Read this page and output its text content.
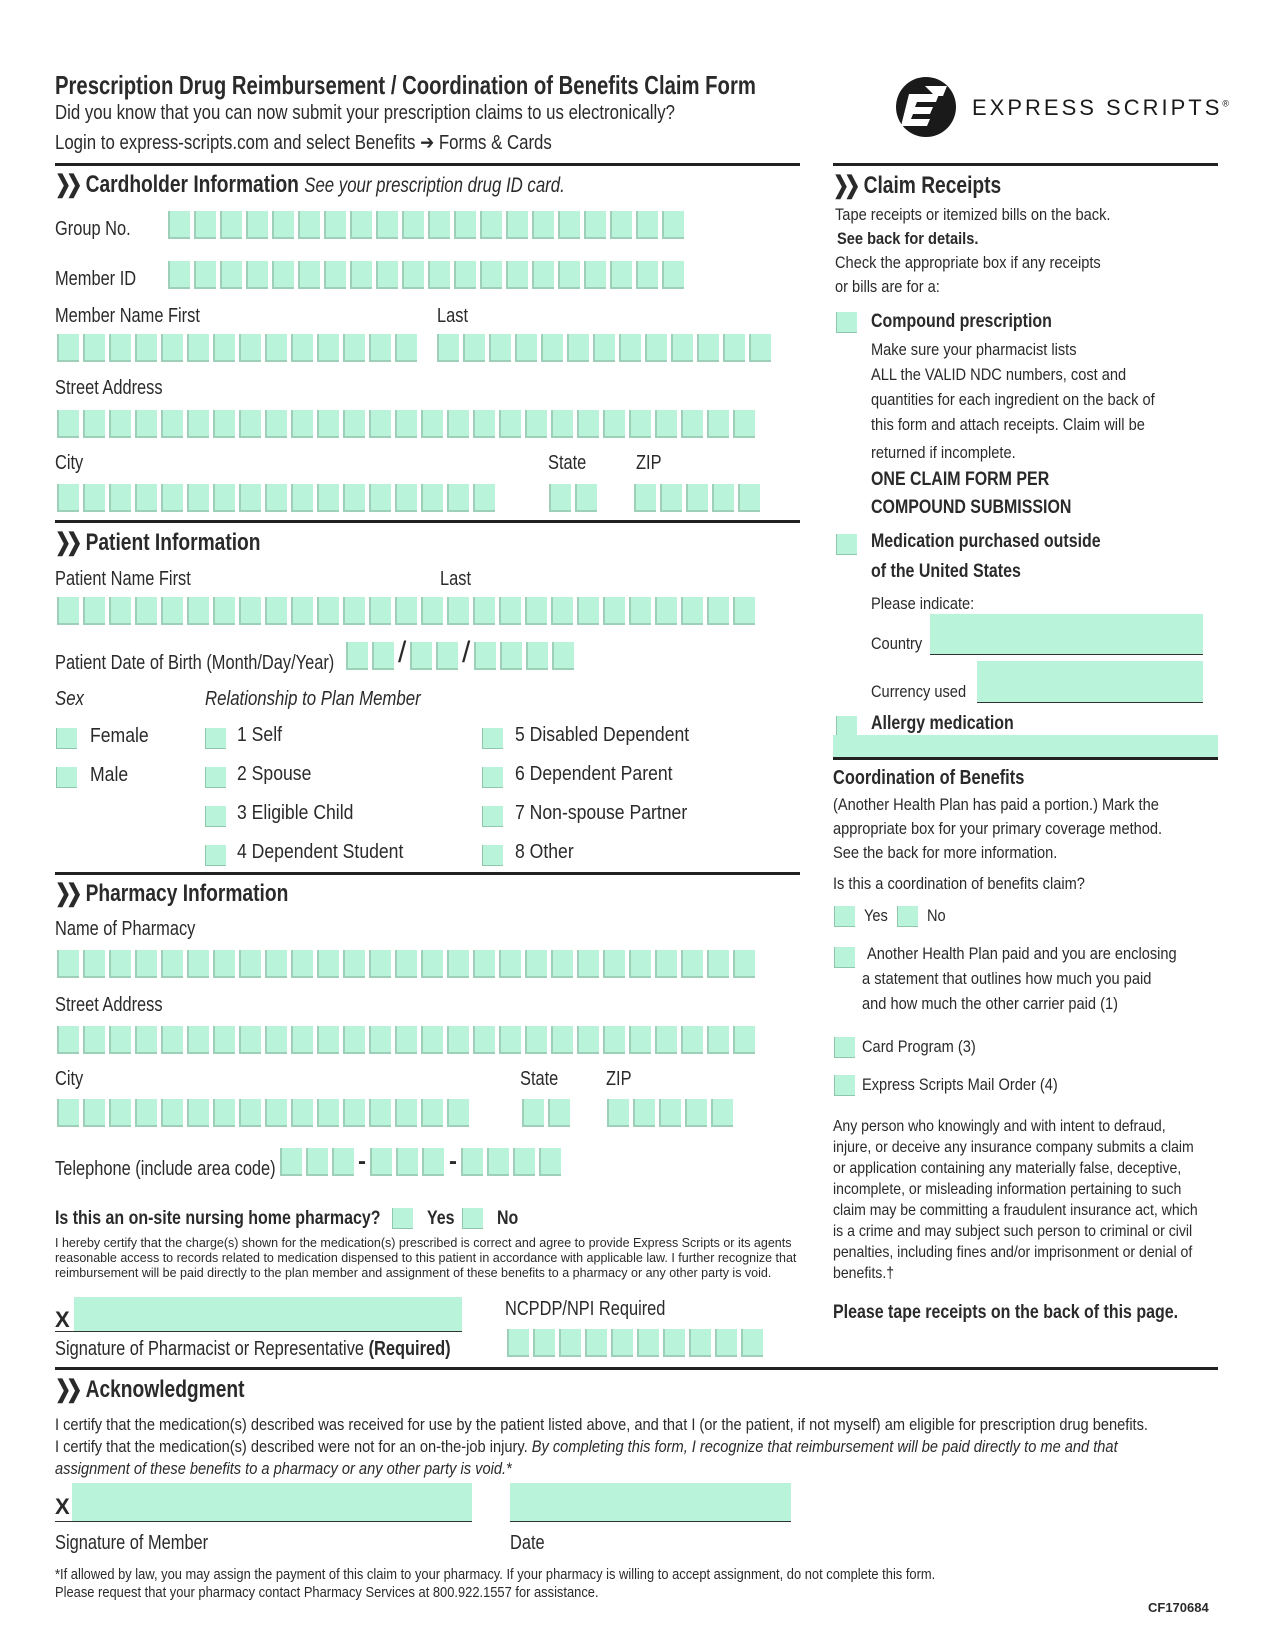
Prescription Drug Reimbursement / Coordination of Benefits Claim Form
Did you know that you can now submit your prescription claims to us electronically?
Login to express-scripts.com and select Benefits ➔ Forms & Cards
EXPRESS SCRIPTS®
❯❯ Cardholder Information See your prescription drug ID card.
Group No.
Member ID
Member Name First	Last
Street Address
City	State	ZIP
❯❯ Patient Information
Patient Name First	Last
Patient Date of Birth (Month/Day/Year)	/ /
Sex	Relationship to Plan Member
Female
Male
1 Self
2 Spouse
3 Eligible Child
4 Dependent Student
5 Disabled Dependent
6 Dependent Parent
7 Non-spouse Partner
8 Other
❯❯ Pharmacy Information
Name of Pharmacy
Street Address
City	State	ZIP
Telephone (include area code)	-	-
Is this an on-site nursing home pharmacy?	Yes No
I hereby certify that the charge(s) shown for the medication(s) prescribed is correct and agree to provide Express Scripts or its agents reasonable access to records related to medication dispensed to this patient in accordance with applicable law. I further recognize that reimbursement will be paid directly to the plan member and assignment of these benefits to a pharmacy or any other party is void.
X
Signature of Pharmacist or Representative (Required)
NCPDP/NPI Required
❯❯ Claim Receipts
Tape receipts or itemized bills on the back.
See back for details.
Check the appropriate box if any receipts
or bills are for a:
Compound prescription
Make sure your pharmacist lists
ALL the VALID NDC numbers, cost and
quantities for each ingredient on the back of
this form and attach receipts. Claim will be
returned if incomplete.
ONE CLAIM FORM PER
COMPOUND SUBMISSION
Medication purchased outside
of the United States
Please indicate:
Country
Currency used
Allergy medication
Coordination of Benefits
(Another Health Plan has paid a portion.) Mark the
appropriate box for your primary coverage method.
See the back for more information.
Is this a coordination of benefits claim?
Yes No
Another Health Plan paid and you are enclosing
a statement that outlines how much you paid
and how much the other carrier paid (1)
Card Program (3)
Express Scripts Mail Order (4)
Any person who knowingly and with intent to defraud, injure, or deceive any insurance company submits a claim or application containing any materially false, deceptive, incomplete, or misleading information pertaining to such claim may be committing a fraudulent insurance act, which is a crime and may subject such person to criminal or civil penalties, including fines and/or imprisonment or denial of benefits.†
Please tape receipts on the back of this page.
❯❯ Acknowledgment
I certify that the medication(s) described was received for use by the patient listed above, and that I (or the patient, if not myself) am eligible for prescription drug benefits.
I certify that the medication(s) described were not for an on-the-job injury. By completing this form, I recognize that reimbursement will be paid directly to me and that
assignment of these benefits to a pharmacy or any other party is void.*
X
Signature of Member	Date
*If allowed by law, you may assign the payment of this claim to your pharmacy. If your pharmacy is willing to accept assignment, do not complete this form.
Please request that your pharmacy contact Pharmacy Services at 800.922.1557 for assistance.
CF170684
